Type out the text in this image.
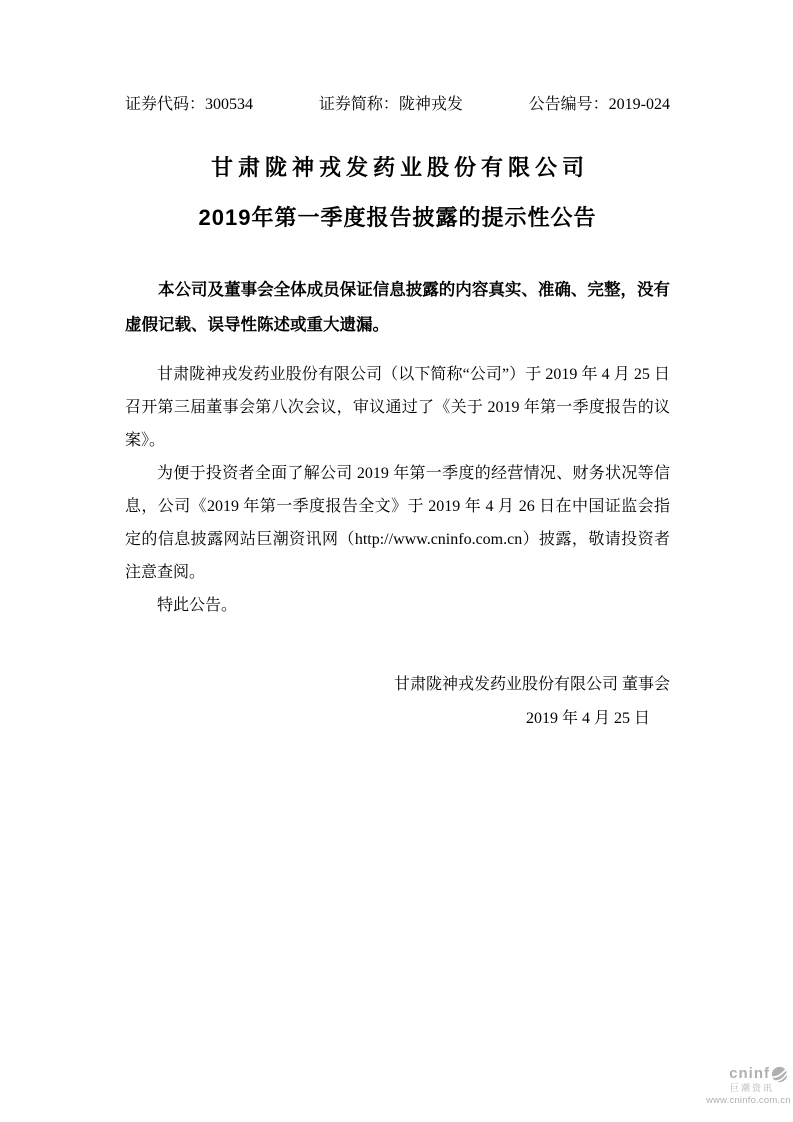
证券代码：300534	证券简称：陇神戎发	公告编号：2019-024
甘肃陇神戎发药业股份有限公司
2019年第一季度报告披露的提示性公告

本公司及董事会全体成员保证信息披露的内容真实、准确、完整，没有虚假记载、误导性陈述或重大遗漏。

甘肃陇神戎发药业股份有限公司（以下简称“公司”）于 2019 年 4 月 25 日召开第三届董事会第八次会议，审议通过了《关于 2019 年第一季度报告的议案》。

为便于投资者全面了解公司 2019 年第一季度的经营情况、财务状况等信息，公司《2019 年第一季度报告全文》于 2019 年 4 月 26 日在中国证监会指定的信息披露网站巨潮资讯网（http://www.cninfo.com.cn）披露，敬请投资者注意查阅。

特此公告。

甘肃陇神戎发药业股份有限公司 董事会
2019 年 4 月 25 日
cninf
巨潮资讯
www.cninfo.com.cn
